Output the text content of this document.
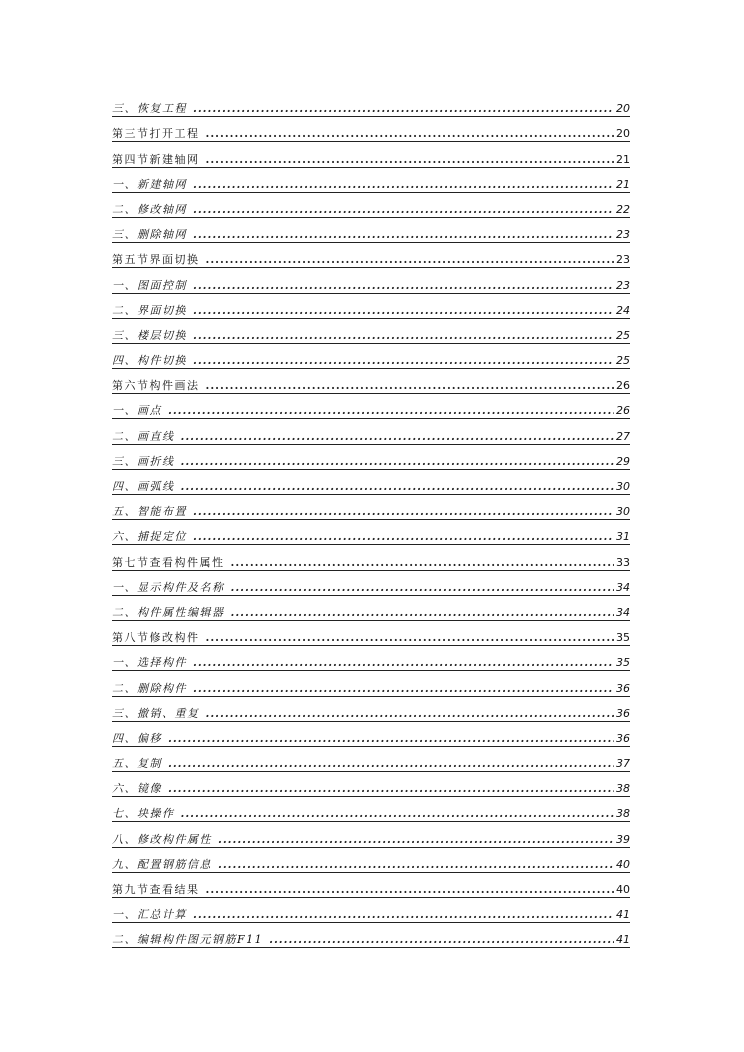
三、恢复工程 .....	20
第三节打开工程 .....	20
第四节新建轴网 .....	21
一、新建轴网 .....	21
二、修改轴网 .....	22
三、删除轴网 .....	23
第五节界面切换 .....	23
一、图面控制 .....	23
二、界面切换 .....	24
三、楼层切换 .....	25
四、构件切换 .....	25
第六节构件画法 .....	26
一、画点 .....	26
二、画直线 .....	27
三、画折线 .....	29
四、画弧线 .....	30
五、智能布置 .....	30
六、捕捉定位 .....	31
第七节查看构件属性 .....	33
一、显示构件及名称 .....	34
二、构件属性编辑器 .....	34
第八节修改构件 .....	35
一、选择构件 .....	35
二、删除构件 .....	36
三、撤销、重复 .....	36
四、偏移 .....	36
五、复制 .....	37
六、镜像 .....	38
七、块操作 .....	38
八、修改构件属性 .....	39
九、配置钢筋信息 .....	40
第九节查看结果 .....	40
一、汇总计算 .....	41
二、编辑构件图元钢筋F11 .....	41
